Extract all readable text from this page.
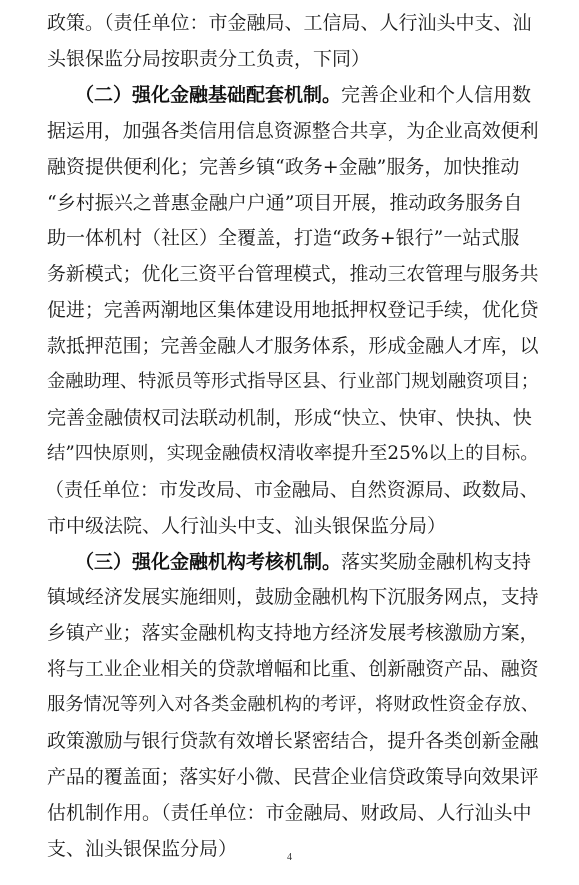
政策。（责任单位：市金融局、工信局、人行汕头中支、汕
头银保监分局按职责分工负责，下同）
（二）强化金融基础配套机制。完善企业和个人信用数
据运用，加强各类信用信息资源整合共享，为企业高效便利
融资提供便利化；完善乡镇“政务+金融”服务，加快推动
“乡村振兴之普惠金融户户通”项目开展，推动政务服务自
助一体机村（社区）全覆盖，打造“政务+银行”一站式服
务新模式；优化三资平台管理模式，推动三农管理与服务共
促进；完善两潮地区集体建设用地抵押权登记手续，优化贷
款抵押范围；完善金融人才服务体系，形成金融人才库，以
金融助理、特派员等形式指导区县、行业部门规划融资项目；
完善金融债权司法联动机制，形成“快立、快审、快执、快
结”四快原则，实现金融债权清收率提升至25%以上的目标。
（责任单位：市发改局、市金融局、自然资源局、政数局、
市中级法院、人行汕头中支、汕头银保监分局）
（三）强化金融机构考核机制。落实奖励金融机构支持
镇域经济发展实施细则，鼓励金融机构下沉服务网点，支持
乡镇产业；落实金融机构支持地方经济发展考核激励方案，
将与工业企业相关的贷款增幅和比重、创新融资产品、融资
服务情况等列入对各类金融机构的考评，将财政性资金存放、
政策激励与银行贷款有效增长紧密结合，提升各类创新金融
产品的覆盖面；落实好小微、民营企业信贷政策导向效果评
估机制作用。（责任单位：市金融局、财政局、人行汕头中
支、汕头银保监分局）	4
